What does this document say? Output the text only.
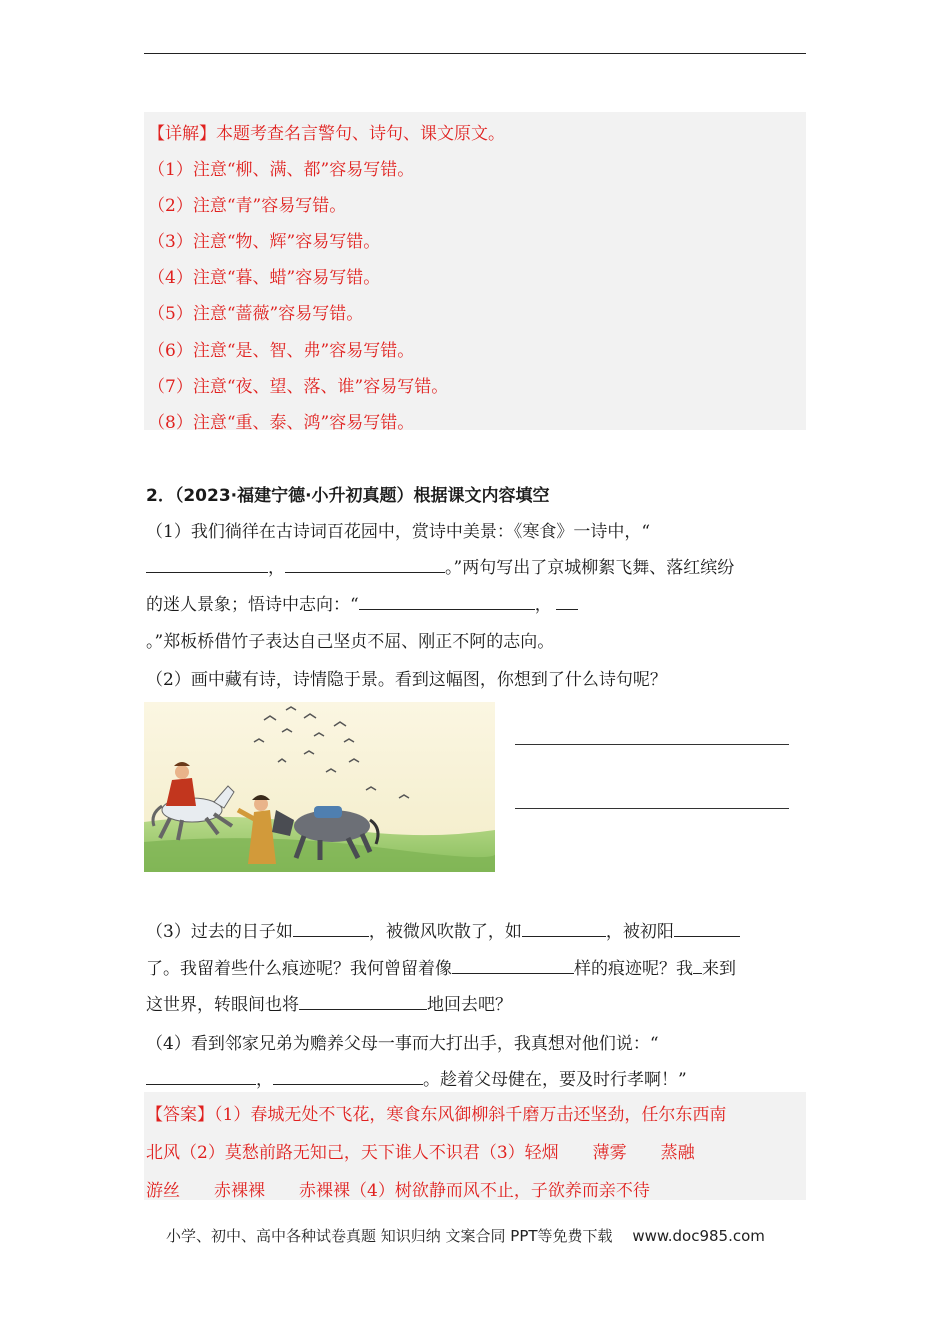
【详解】本题考查名言警句、诗句、课文原文。
（1）注意“柳、满、都”容易写错。
（2）注意“青”容易写错。
（3）注意“物、辉”容易写错。
（4）注意“暮、蜡”容易写错。
（5）注意“蔷薇”容易写错。
（6）注意“是、智、弗”容易写错。
（7）注意“夜、望、落、谁”容易写错。
（8）注意“重、泰、鸿”容易写错。
2．（2023·福建宁德·小升初真题）根据课文内容填空
（1）我们徜徉在古诗词百花园中，赏诗中美景：《寒食》一诗中，“
，	。”两句写出了京城柳絮飞舞、落红缤纷
的迷人景象；悟诗中志向：“	，
。”郑板桥借竹子表达自己坚贞不屈、刚正不阿的志向。
（2）画中藏有诗，诗情隐于景。看到这幅图，你想到了什么诗句呢？
（3）过去的日子如	，被微风吹散了，如	，被初阳
了。我留着些什么痕迹呢？我何曾留着像	样的痕迹呢？我 来到
这世界，转眼间也将	地回去吧？
（4）看到邻家兄弟为赡养父母一事而大打出手，我真想对他们说：“
，	。趁着父母健在，要及时行孝啊！”
【答案】（1）春城无处不飞花，寒食东风御柳斜千磨万击还坚劲，任尔东西南
北风（2）莫愁前路无知己，天下谁人不识君（3）轻烟　　薄雾　　蒸融
游丝　　赤裸裸　　赤裸裸（4）树欲静而风不止，子欲养而亲不待
小学、初中、高中各种试卷真题 知识归纳 文案合同 PPT等免费下载　 www.doc985.com
